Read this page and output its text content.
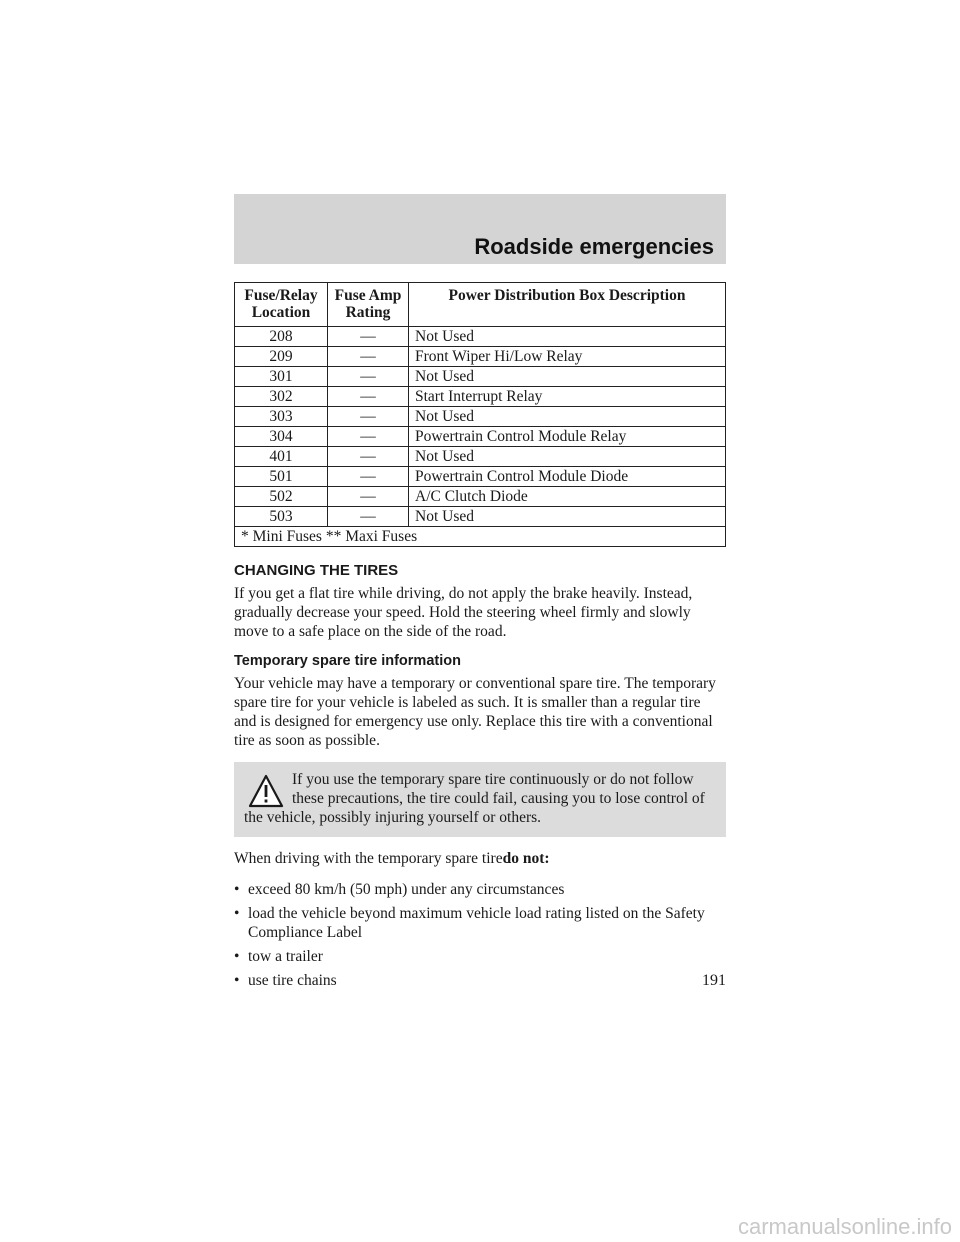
Roadside emergencies
Fuse/Relay Location	Fuse Amp Rating	Power Distribution Box Description
208	—	Not Used
209	—	Front Wiper Hi/Low Relay
301	—	Not Used
302	—	Start Interrupt Relay
303	—	Not Used
304	—	Powertrain Control Module Relay
401	—	Not Used
501	—	Powertrain Control Module Diode
502	—	A/C Clutch Diode
503	—	Not Used
* Mini Fuses ** Maxi Fuses		
CHANGING THE TIRES

If you get a flat tire while driving, do not apply the brake heavily. Instead, gradually decrease your speed. Hold the steering wheel firmly and slowly move to a safe place on the side of the road.

Temporary spare tire information

Your vehicle may have a temporary or conventional spare tire. The temporary spare tire for your vehicle is labeled as such. It is smaller than a regular tire and is designed for emergency use only. Replace this tire with a conventional tire as soon as possible.

If you use the temporary spare tire continuously or do not follow these precautions, the tire could fail, causing you to lose control of the vehicle, possibly injuring yourself or others.

When driving with the temporary spare tiredo not:

• exceed 80 km/h (50 mph) under any circumstances
• load the vehicle beyond maximum vehicle load rating listed on the Safety Compliance Label
• tow a trailer
• use tire chains	191
carmanualsonline.info
